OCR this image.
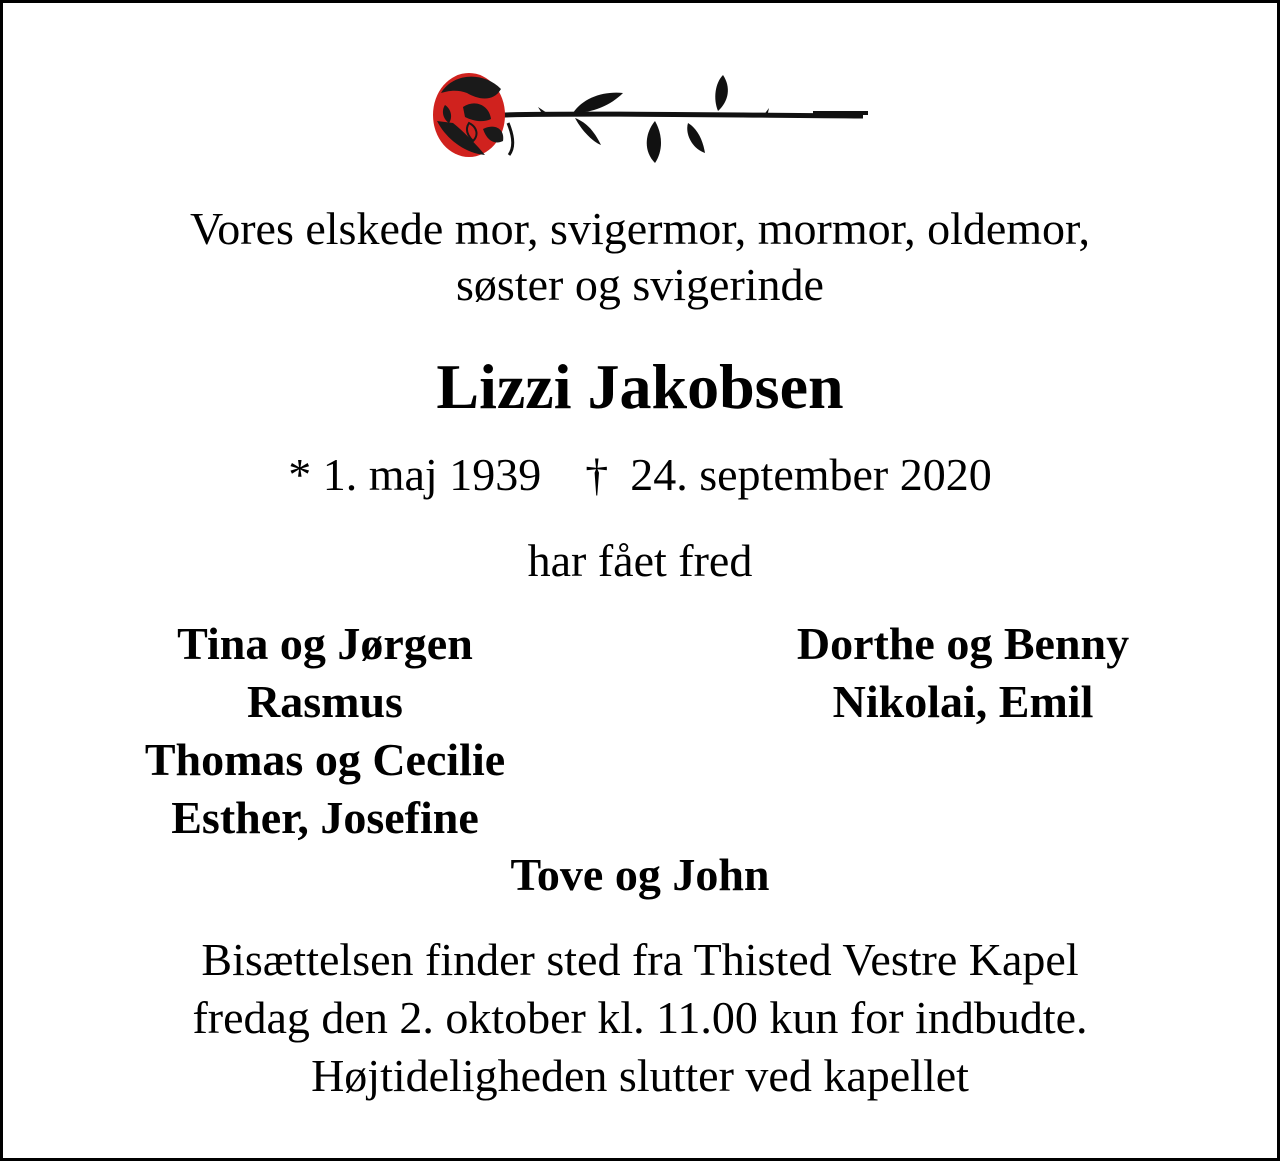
Vores elskede mor, svigermor, mormor, oldemor,
søster og svigerinde
Lizzi Jakobsen
* 1. maj 1939 † 24. september 2020
har fået fred
Tina og Jørgen
Rasmus
Thomas og Cecilie
Esther, Josefine
Dorthe og Benny
Nikolai, Emil
Tove og John
Bisættelsen finder sted fra Thisted Vestre Kapel
fredag den 2. oktober kl. 11.00 kun for indbudte.
Højtideligheden slutter ved kapellet
